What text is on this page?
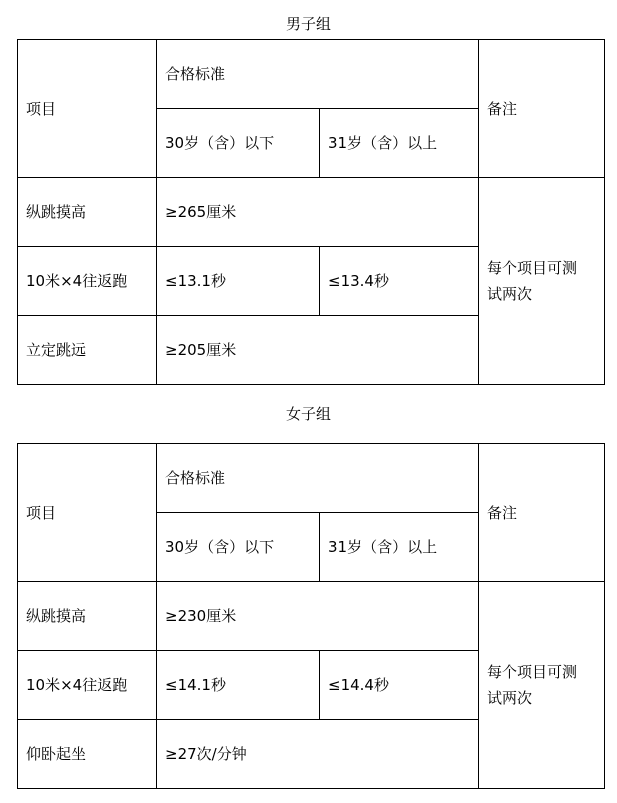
男子组
项目	合格标准		备注
	30岁（含）以下	31岁（含）以上	
纵跳摸高	≥265厘米		每个项目可测试两次
10米×4往返跑	≤13.1秒	≤13.4秒	
立定跳远	≥205厘米		
女子组
项目	合格标准		备注
	30岁（含）以下	31岁（含）以上	
纵跳摸高	≥230厘米		每个项目可测试两次
10米×4往返跑	≤14.1秒	≤14.4秒	
仰卧起坐	≥27次/分钟		
